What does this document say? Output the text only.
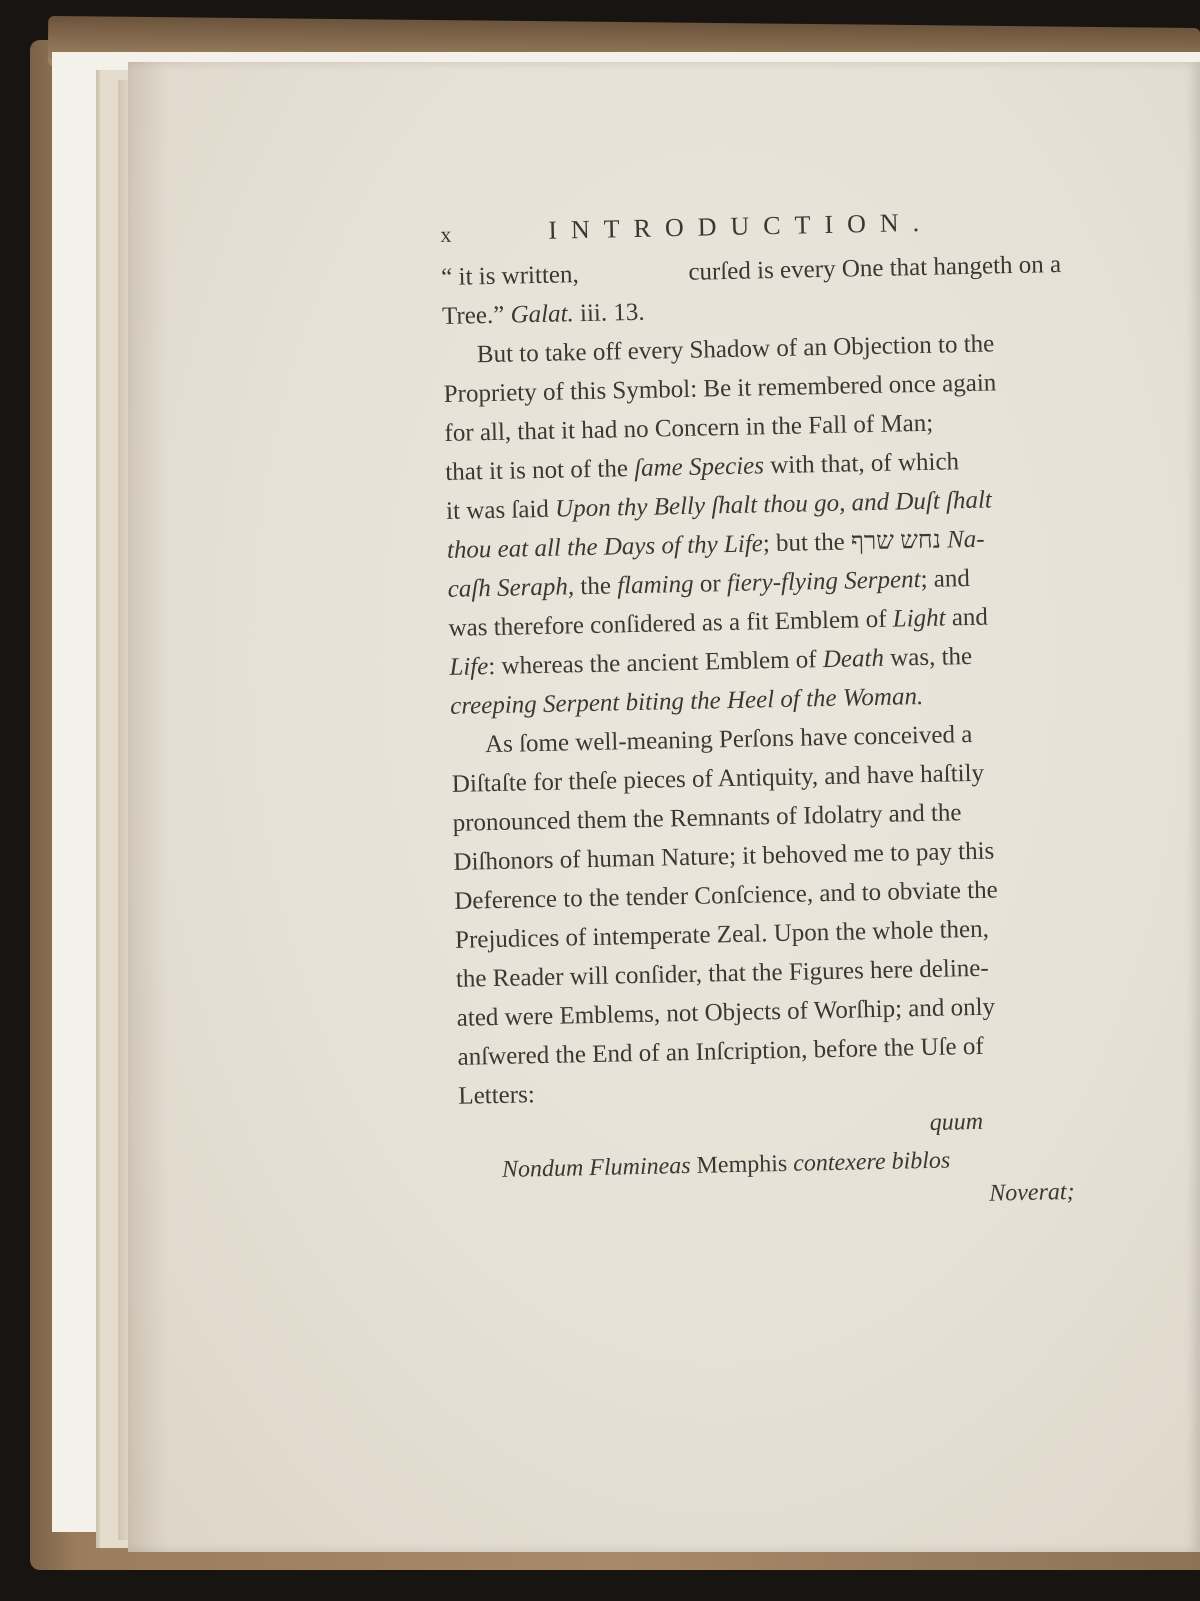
x	INTRODUCTION.
“ it is written,	curſed is every One that hangeth on a
Tree.” Galat. iii. 13.
But to take off every Shadow of an Objection to the
Propriety of this Symbol: Be it remembered once again
for all, that it had no Concern in the Fall of Man;
that it is not of the ſame Species with that, of which
it was ſaid Upon thy Belly ſhalt thou go, and Duſt ſhalt
thou eat all the Days of thy Life; but the נחש שרף Na-
caſh Seraph, the flaming or fiery-flying Serpent; and
was therefore conſidered as a fit Emblem of Light and
Life: whereas the ancient Emblem of Death was, the
creeping Serpent biting the Heel of the Woman.
As ſome well-meaning Perſons have conceived a
Diſtaſte for theſe pieces of Antiquity, and have haſtily
pronounced them the Remnants of Idolatry and the
Diſhonors of human Nature; it behoved me to pay this
Deference to the tender Conſcience, and to obviate the
Prejudices of intemperate Zeal. Upon the whole then,
the Reader will conſider, that the Figures here deline-
ated were Emblems, not Objects of Worſhip; and only
anſwered the End of an Inſcription, before the Uſe of
Letters:
quum
Nondum Flumineas Memphis contexere biblos
Noverat;
